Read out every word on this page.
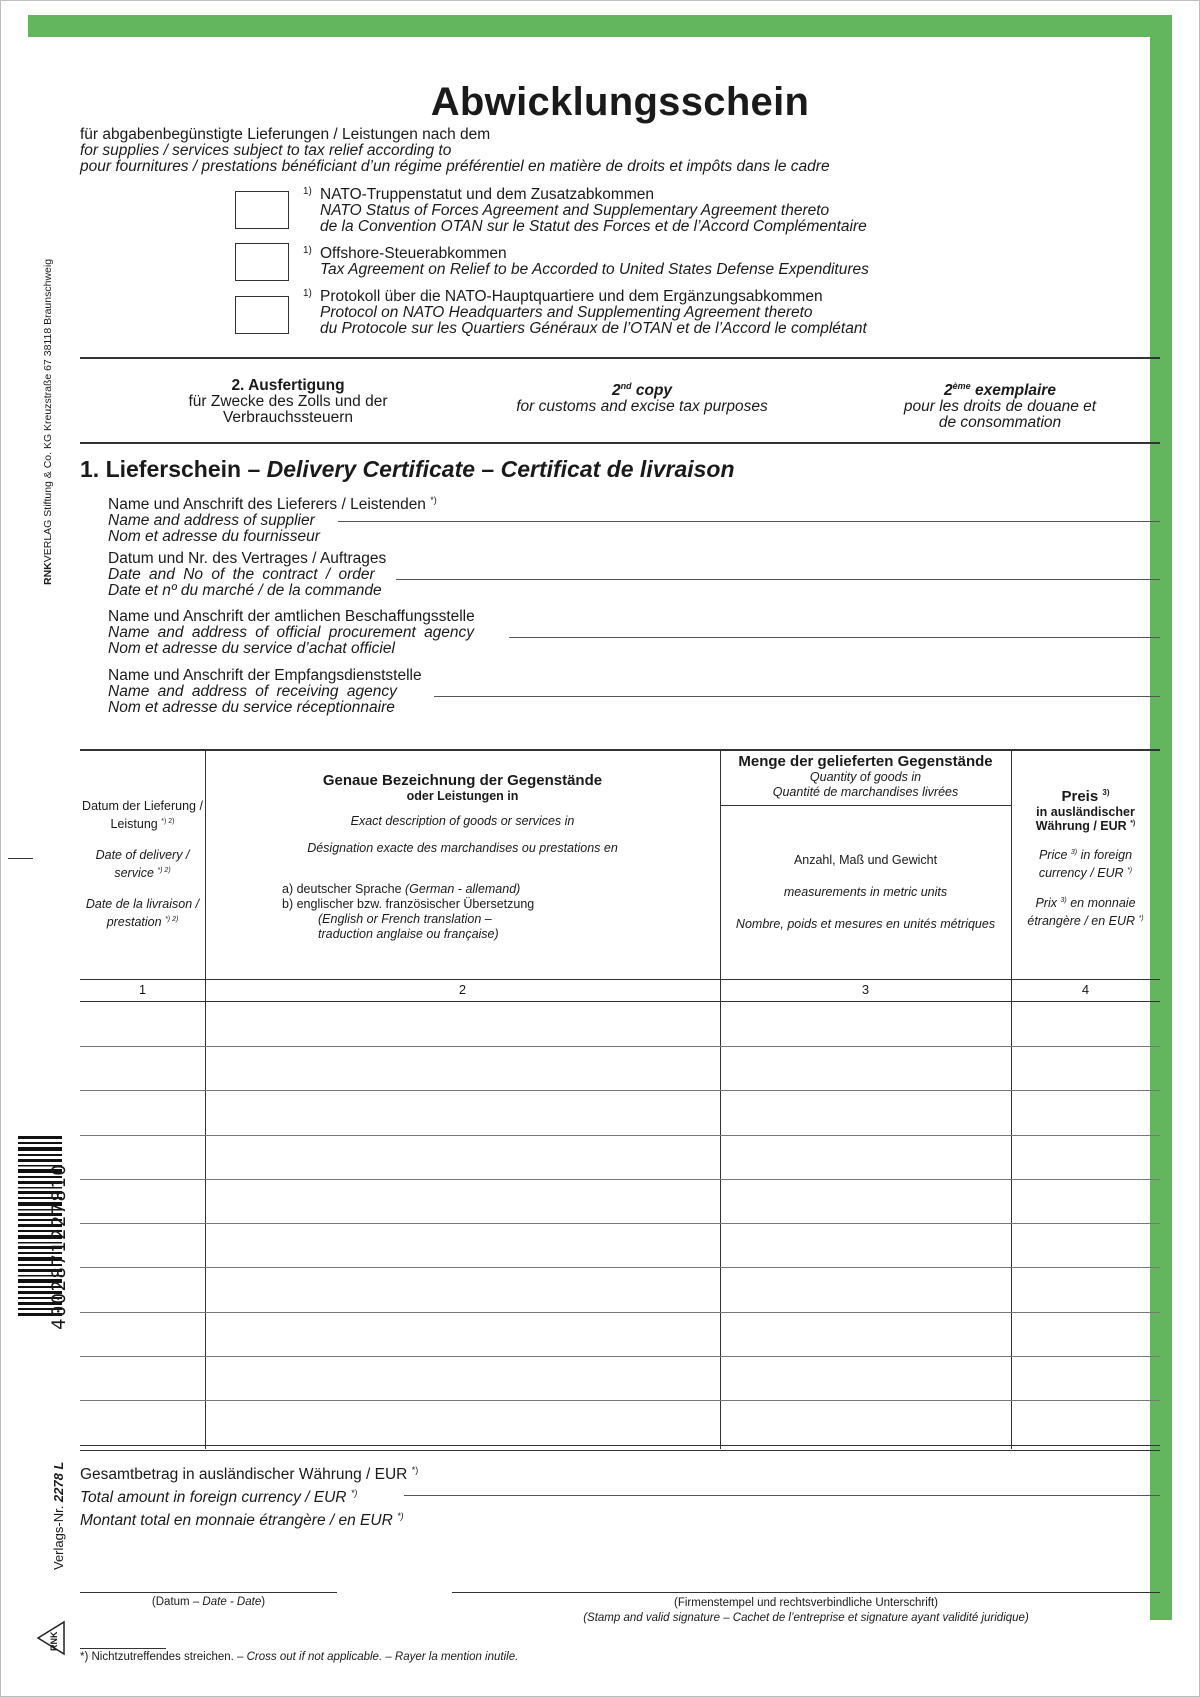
Abwicklungsschein
für abgabenbegünstigte Lieferungen / Leistungen nach dem
for supplies / services subject to tax relief according to
pour fournitures / prestations bénéficiant d’un régime préférentiel en matière de droits et impôts dans le cadre
1) NATO-Truppenstatut und dem Zusatzabkommen
NATO Status of Forces Agreement and Supplementary Agreement thereto
de la Convention OTAN sur le Statut des Forces et de l’Accord Complémentaire
1) Offshore-Steuerabkommen
Tax Agreement on Relief to be Accorded to United States Defense Expenditures
1) Protokoll über die NATO-Hauptquartiere und dem Ergänzungsabkommen
Protocol on NATO Headquarters and Supplementing Agreement thereto
du Protocole sur les Quartiers Généraux de l’OTAN et de l’Accord le complétant
2. Ausfertigung
für Zwecke des Zolls und der
Verbrauchssteuern
2nd copy
for customs and excise tax purposes
2ème exemplaire
pour les droits de douane et
de consommation
1. Lieferschein – Delivery Certificate – Certificat de livraison
Name und Anschrift des Lieferers / Leistenden *)
Name and address of supplier
Nom et adresse du fournisseur
Datum und Nr. des Vertrages / Auftrages
Date and No of the contract / order
Date et nº du marché / de la commande
Name und Anschrift der amtlichen Beschaffungsstelle
Name and address of official procurement agency
Nom et adresse du service d’achat officiel
Name und Anschrift der Empfangsdienststelle
Name and address of receiving agency
Nom et adresse du service réceptionnaire
Datum der Lieferung /
Leistung $^{*) 2)}$
Date of delivery /
service $^{*) 2)}$
Date de la livraison /
prestation $^{*) 2)}$
Genaue Bezeichnung der Gegenstände
oder Leistungen in
Exact description of goods or services in
Désignation exacte des marchandises ou prestations en
a) deutscher Sprache (German - allemand)
b) englischer bzw. französischer Übersetzung
(English or French translation –
traduction anglaise ou française)
Menge der gelieferten Gegenstände
Quantity of goods in
Quantité de marchandises livrées
Anzahl, Maß und Gewicht
measurements in metric units
Nombre, poids et mesures en unités métriques
Preis $^{3)}$
in ausländischer
Währung / EUR *)
Price $^{3)}$ in foreign
currency / EUR *)
Prix $^{3)}$ en monnaie
étrangère / en EUR *)
1	2	3	4
Gesamtbetrag in ausländischer Währung / EUR *)
Total amount in foreign currency / EUR *)
Montant total en monnaie étrangère / en EUR *)
(Datum – Date - Date)	(Firmenstempel und rechtsverbindliche Unterschrift)
(Stamp and valid signature – Cachet de l’entreprise et signature ayant validité juridique)
*) Nichtzutreffendes streichen. – Cross out if not applicable. – Rayer la mention inutile.
RNKVERLAG Stiftung & Co. KG Kreuzstraße 67 38118 Braunschweig
4002871227810
Verlags-Nr. 2278 L
RNK
